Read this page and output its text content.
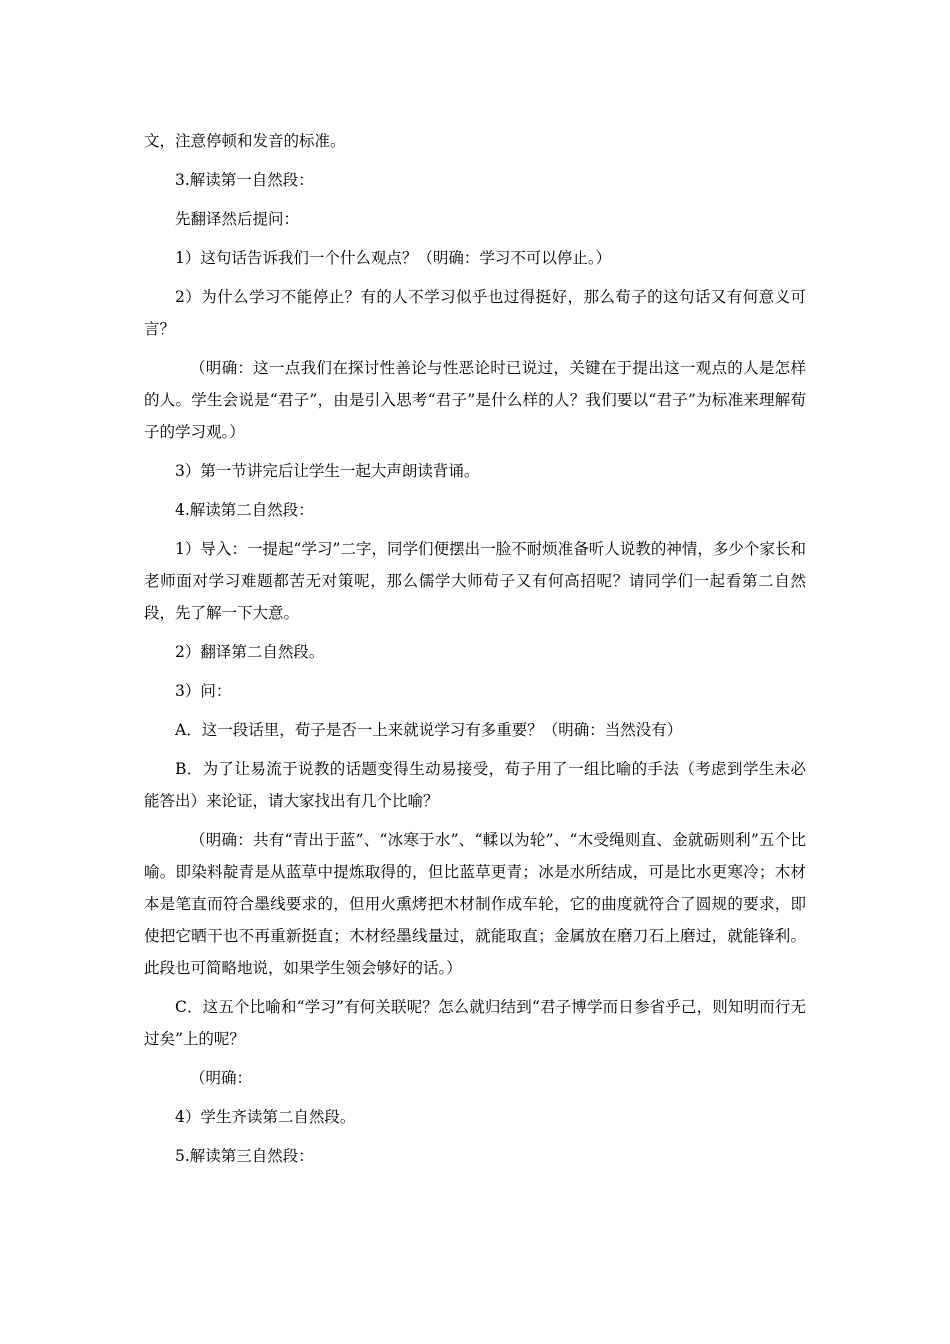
文，注意停顿和发音的标准。

3.解读第一自然段：

先翻译然后提问：

1）这句话告诉我们一个什么观点？（明确：学习不可以停止。）

2）为什么学习不能停止？有的人不学习似乎也过得挺好，那么荀子的这句话又有何意义可言？

（明确：这一点我们在探讨性善论与性恶论时已说过，关键在于提出这一观点的人是怎样的人。学生会说是“君子”，由是引入思考“君子”是什么样的人？我们要以“君子”为标准来理解荀子的学习观。）

3）第一节讲完后让学生一起大声朗读背诵。

4.解读第二自然段：

1）导入：一提起“学习”二字，同学们便摆出一脸不耐烦准备听人说教的神情，多少个家长和老师面对学习难题都苦无对策呢，那么儒学大师荀子又有何高招呢？请同学们一起看第二自然段，先了解一下大意。

2）翻译第二自然段。

3）问：

A．这一段话里，荀子是否一上来就说学习有多重要？（明确：当然没有）

B．为了让易流于说教的话题变得生动易接受，荀子用了一组比喻的手法（考虑到学生未必能答出）来论证，请大家找出有几个比喻？

（明确：共有“青出于蓝”、“冰寒于水”、“輮以为轮”、“木受绳则直、金就砺则利”五个比喻。即染料靛青是从蓝草中提炼取得的，但比蓝草更青；冰是水所结成，可是比水更寒冷；木材本是笔直而符合墨线要求的，但用火熏烤把木材制作成车轮，它的曲度就符合了圆规的要求，即使把它晒干也不再重新挺直；木材经墨线量过，就能取直；金属放在磨刀石上磨过，就能锋利。此段也可简略地说，如果学生领会够好的话。）

C．这五个比喻和“学习”有何关联呢？怎么就归结到“君子博学而日参省乎己，则知明而行无过矣”上的呢？

（明确：

4）学生齐读第二自然段。

5.解读第三自然段：
